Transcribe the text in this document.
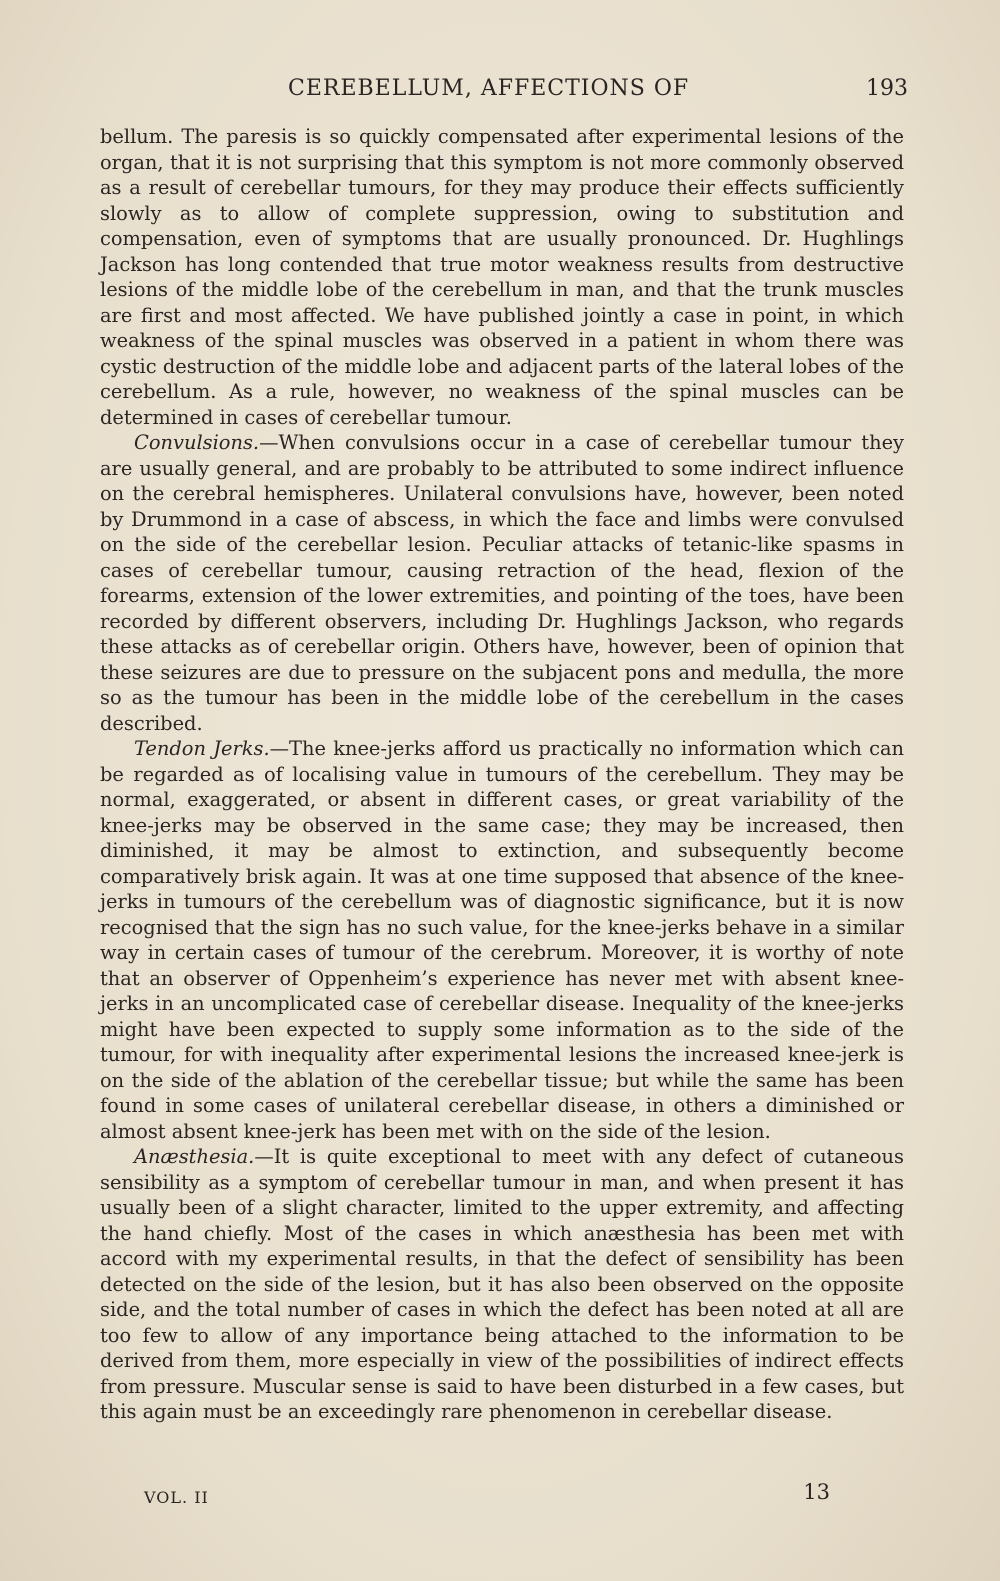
CEREBELLUM, AFFECTIONS OF	193

bellum. The paresis is so quickly compensated after experimental lesions of the organ, that it is not surprising that this symptom is not more commonly observed as a result of cerebellar tumours, for they may produce their effects sufficiently slowly as to allow of complete suppression, owing to substitution and compensation, even of symptoms that are usually pronounced. Dr. Hughlings Jackson has long contended that true motor weakness results from destructive lesions of the middle lobe of the cerebellum in man, and that the trunk muscles are first and most affected. We have published jointly a case in point, in which weakness of the spinal muscles was observed in a patient in whom there was cystic destruction of the middle lobe and adjacent parts of the lateral lobes of the cerebellum. As a rule, however, no weakness of the spinal muscles can be determined in cases of cerebellar tumour.

Convulsions.—When convulsions occur in a case of cerebellar tumour they are usually general, and are probably to be attributed to some indirect influence on the cerebral hemispheres. Unilateral convulsions have, however, been noted by Drummond in a case of abscess, in which the face and limbs were convulsed on the side of the cerebellar lesion. Peculiar attacks of tetanic-like spasms in cases of cerebellar tumour, causing retraction of the head, flexion of the forearms, extension of the lower extremities, and pointing of the toes, have been recorded by different observers, including Dr. Hughlings Jackson, who regards these attacks as of cerebellar origin. Others have, however, been of opinion that these seizures are due to pressure on the subjacent pons and medulla, the more so as the tumour has been in the middle lobe of the cerebellum in the cases described.

Tendon Jerks.—The knee-jerks afford us practically no information which can be regarded as of localising value in tumours of the cerebellum. They may be normal, exaggerated, or absent in different cases, or great variability of the knee-jerks may be observed in the same case; they may be increased, then diminished, it may be almost to extinction, and subsequently become comparatively brisk again. It was at one time supposed that absence of the knee-jerks in tumours of the cerebellum was of diagnostic significance, but it is now recognised that the sign has no such value, for the knee-jerks behave in a similar way in certain cases of tumour of the cerebrum. Moreover, it is worthy of note that an observer of Oppenheim’s experience has never met with absent knee-jerks in an uncomplicated case of cerebellar disease. Inequality of the knee-jerks might have been expected to supply some information as to the side of the tumour, for with inequality after experimental lesions the increased knee-jerk is on the side of the ablation of the cerebellar tissue; but while the same has been found in some cases of unilateral cerebellar disease, in others a diminished or almost absent knee-jerk has been met with on the side of the lesion.

Anæsthesia.—It is quite exceptional to meet with any defect of cutaneous sensibility as a symptom of cerebellar tumour in man, and when present it has usually been of a slight character, limited to the upper extremity, and affecting the hand chiefly. Most of the cases in which anæsthesia has been met with accord with my experimental results, in that the defect of sensibility has been detected on the side of the lesion, but it has also been observed on the opposite side, and the total number of cases in which the defect has been noted at all are too few to allow of any importance being attached to the information to be derived from them, more especially in view of the possibilities of indirect effects from pressure. Muscular sense is said to have been disturbed in a few cases, but this again must be an exceedingly rare phenomenon in cerebellar disease.

VOL. II	13
